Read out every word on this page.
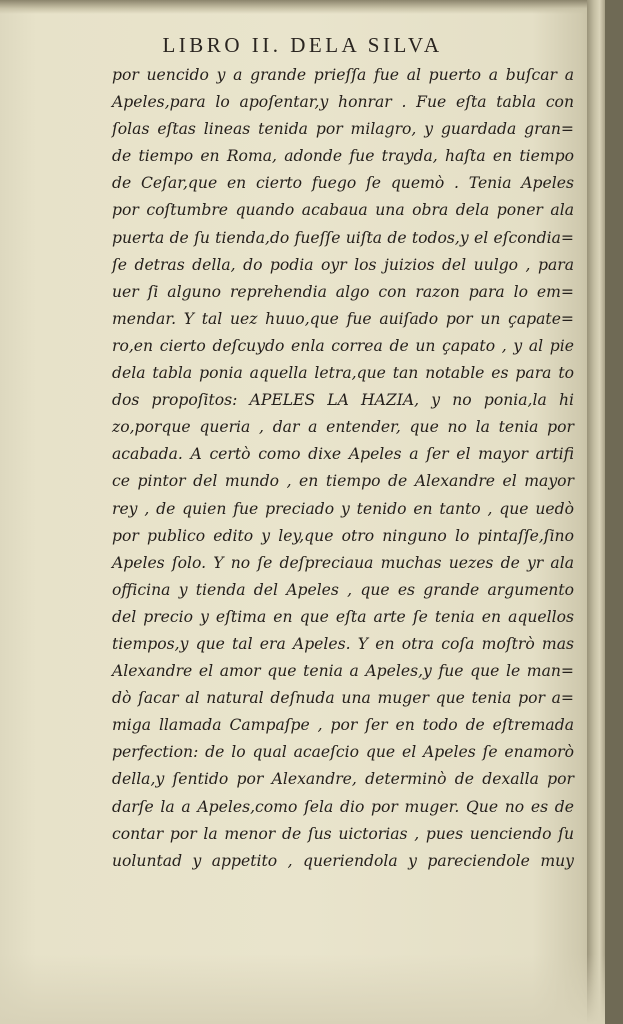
LIBRO II. DELA SILVA
por uencido y a grande prieſſa fue al puerto a buſcar a
Apeles,para lo apoſentar,y honrar . Fue eſta tabla con
ſolas eſtas lineas tenida por milagro, y guardada gran=
de tiempo en Roma, adonde fue trayda, haſta en tiempo
de Ceſar,que en cierto fuego ſe quemò . Tenia Apeles
por coſtumbre quando acabaua una obra dela poner ala
puerta de ſu tienda,do fueſſe uiſta de todos,y el eſcondia=
ſe detras della, do podia oyr los juizios del uulgo , para
uer ſi alguno reprehendia algo con razon para lo em=
mendar. Y tal uez huuo,que fue auiſado por un çapate=
ro,en cierto deſcuydo enla correa de un çapato , y al pie
dela tabla ponia aquella letra,que tan notable es para to
dos propoſitos: APELES LA HAZIA, y no ponia,la hi
zo,porque queria , dar a entender, que no la tenia por
acabada. A certò como dixe Apeles a ſer el mayor artifi
ce pintor del mundo , en tiempo de Alexandre el mayor
rey , de quien fue preciado y tenido en tanto , que uedò
por publico edito y ley,que otro ninguno lo pintaſſe,ſino
Apeles ſolo. Y no ſe deſpreciaua muchas uezes de yr ala
officina y tienda del Apeles , que es grande argumento
del precio y eſtima en que eſta arte ſe tenia en aquellos
tiempos,y que tal era Apeles. Y en otra coſa moſtrò mas
Alexandre el amor que tenia a Apeles,y fue que le man=
dò ſacar al natural deſnuda una muger que tenia por a=
miga llamada Campaſpe , por ſer en todo de eſtremada
perfection: de lo qual acaeſcio que el Apeles ſe enamorò
della,y ſentido por Alexandre, determinò de dexalla por
darſe la a Apeles,como ſela dio por muger. Que no es de
contar por la menor de ſus uictorias , pues uenciendo ſu
uoluntad y appetito , queriendola y pareciendole muy
